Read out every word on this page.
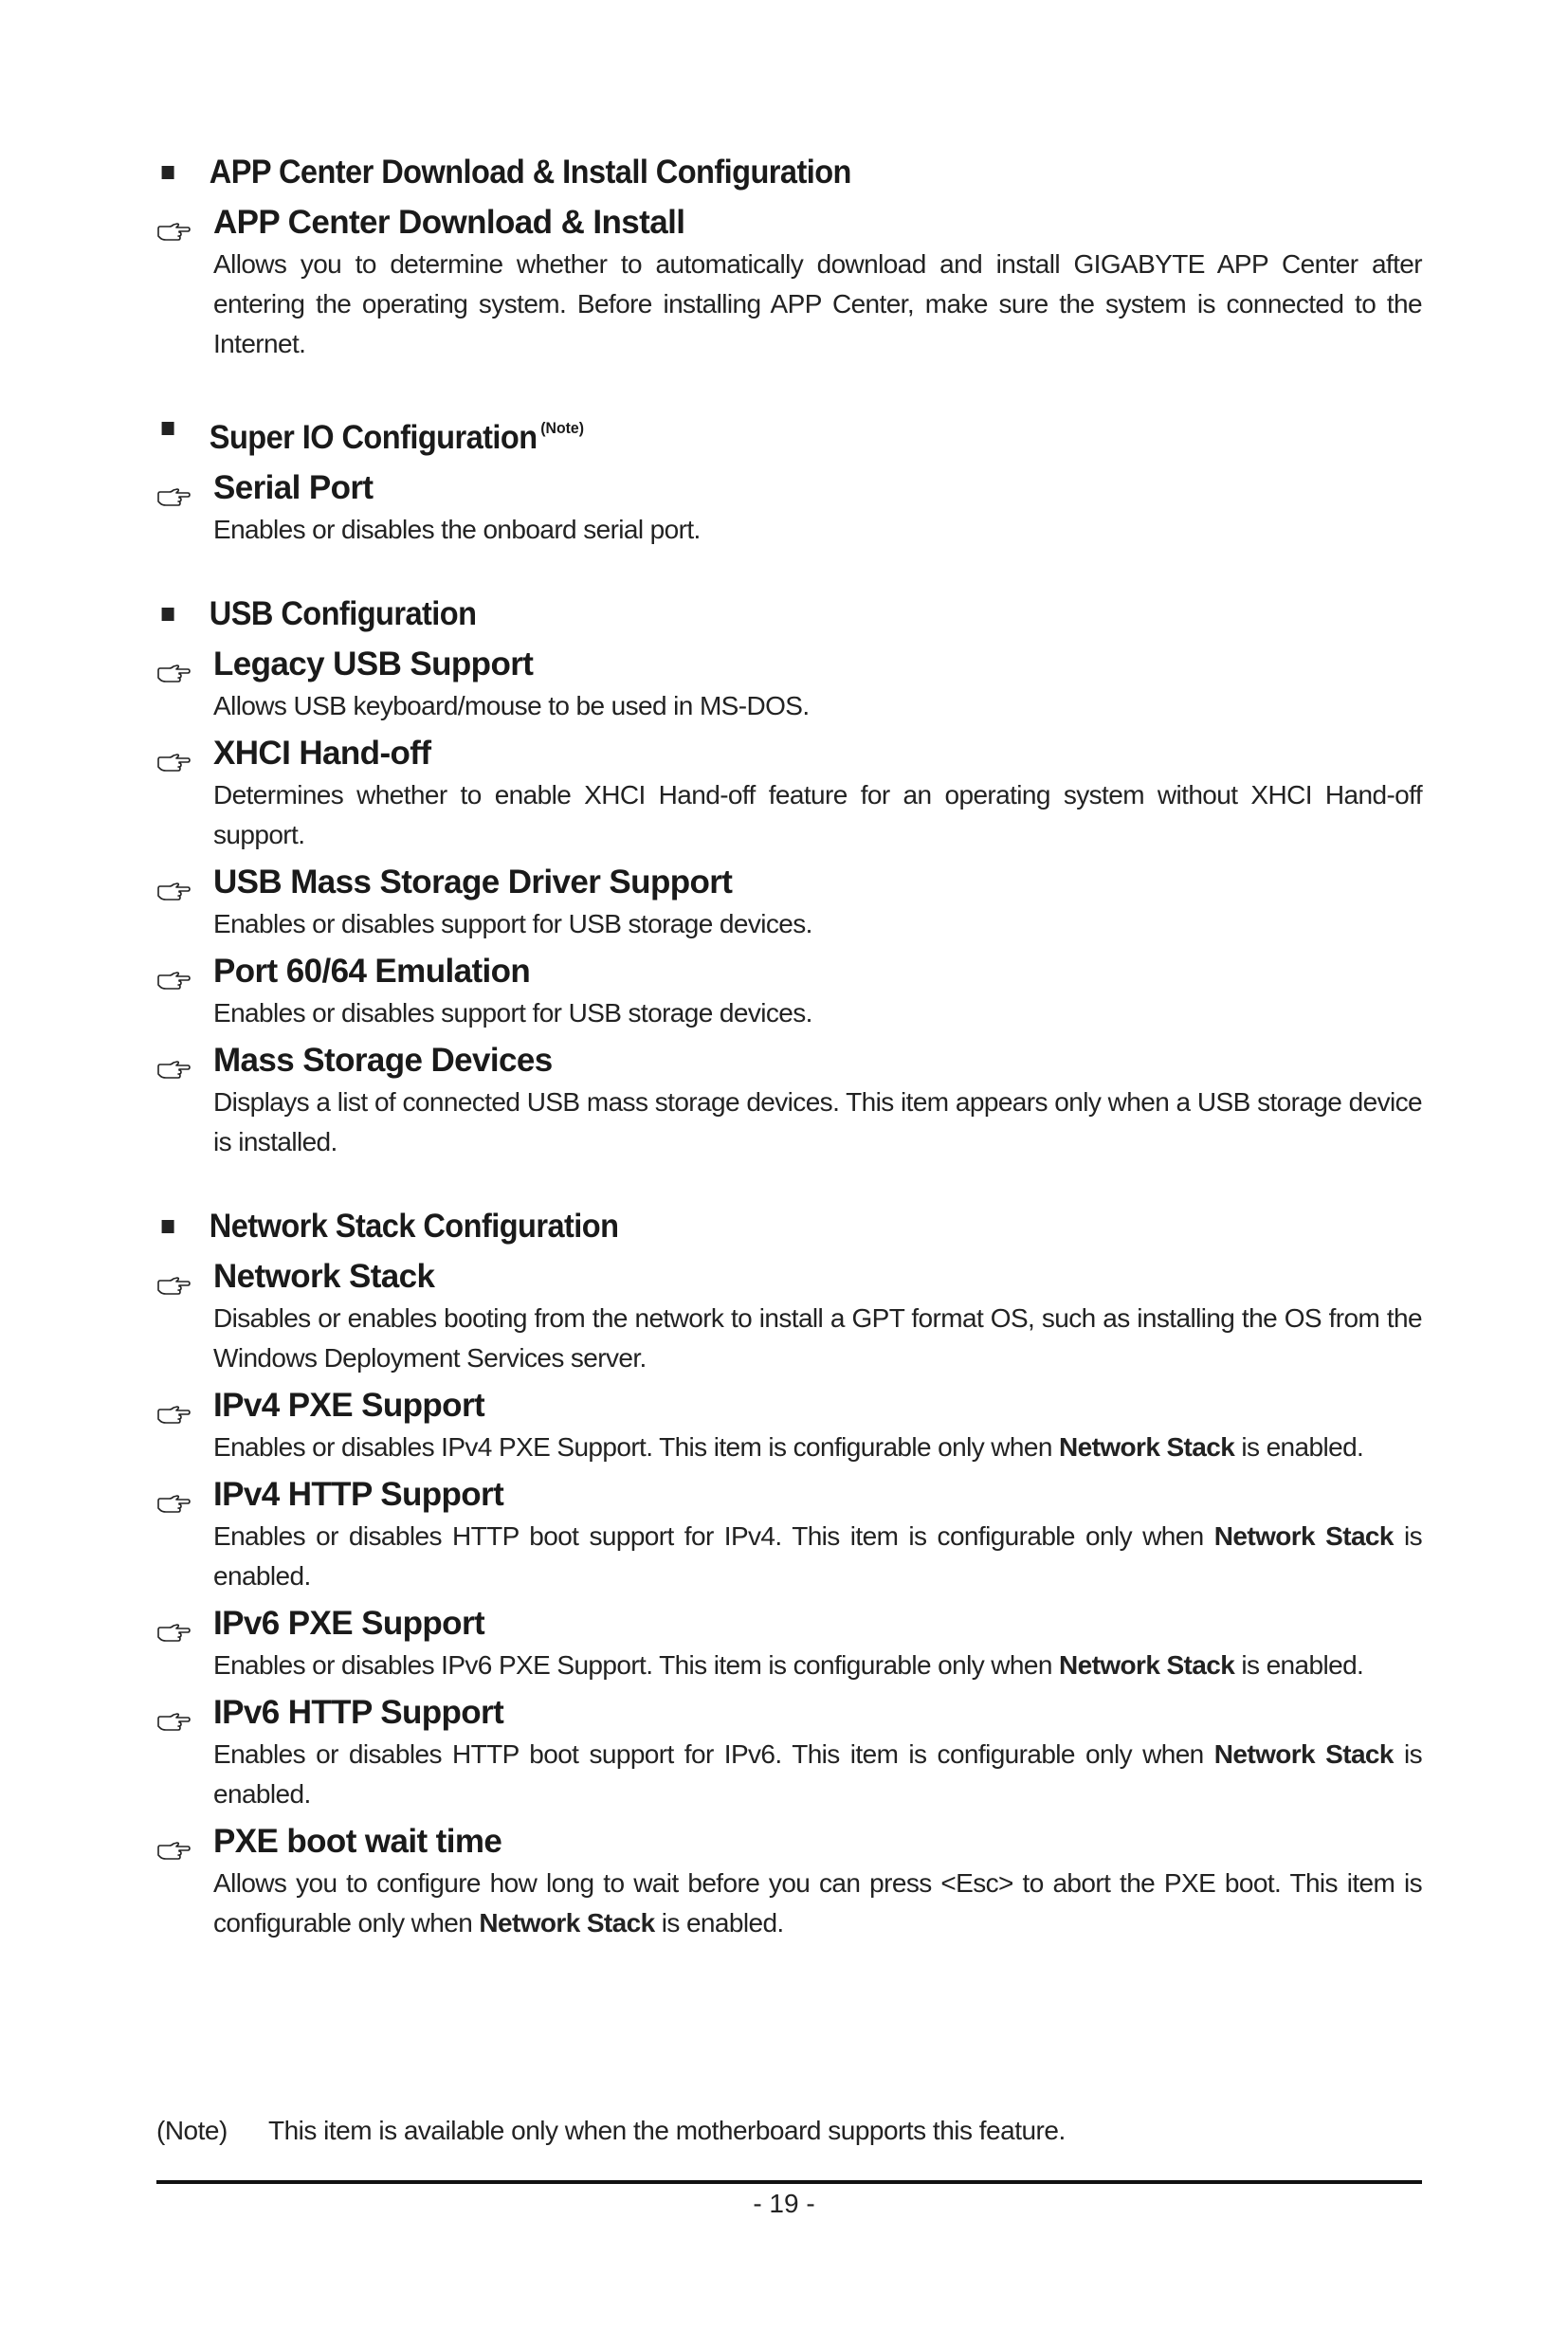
APP Center Download & Install Configuration
APP Center Download & Install
Allows you to determine whether to automatically download and install GIGABYTE APP Center after entering the operating system. Before installing APP Center, make sure the system is connected to the Internet.
Super IO Configuration $^{(Note)}$
Serial Port
Enables or disables the onboard serial port.
USB Configuration
Legacy USB Support
Allows USB keyboard/mouse to be used in MS-DOS.
XHCI Hand-off
Determines whether to enable XHCI Hand-off feature for an operating system without XHCI Hand-off support.
USB Mass Storage Driver Support
Enables or disables support for USB storage devices.
Port 60/64 Emulation
Enables or disables support for USB storage devices.
Mass Storage Devices
Displays a list of connected USB mass storage devices. This item appears only when a USB storage device is installed.
Network Stack Configuration
Network Stack
Disables or enables booting from the network to install a GPT format OS, such as installing the OS from the Windows Deployment Services server.
IPv4 PXE Support
Enables or disables IPv4 PXE Support. This item is configurable only when Network Stack is enabled.
IPv4 HTTP Support
Enables or disables HTTP boot support for IPv4. This item is configurable only when Network Stack is enabled.
IPv6 PXE Support
Enables or disables IPv6 PXE Support. This item is configurable only when Network Stack is enabled.
IPv6 HTTP Support
Enables or disables HTTP boot support for IPv6. This item is configurable only when Network Stack is enabled.
PXE boot wait time
Allows you to configure how long to wait before you can press <Esc> to abort the PXE boot. This item is configurable only when Network Stack is enabled.
(Note) This item is available only when the motherboard supports this feature.
- 19 -
